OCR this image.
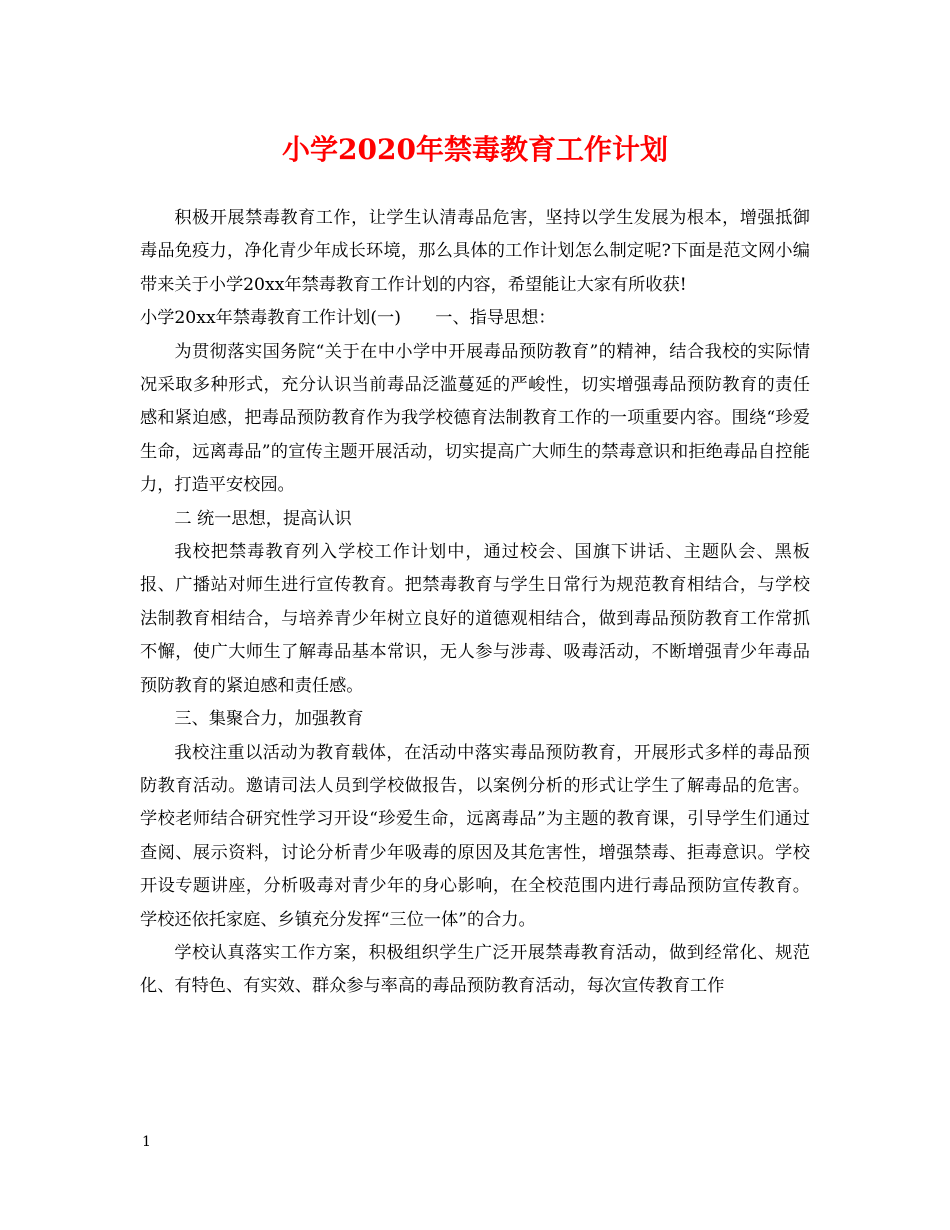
小学2020年禁毒教育工作计划

积极开展禁毒教育工作，让学生认清毒品危害，坚持以学生发展为根本，增强抵御毒品免疫力，净化青少年成长环境，那么具体的工作计划怎么制定呢?下面是范文网小编带来关于小学20xx年禁毒教育工作计划的内容，希望能让大家有所收获!

小学20xx年禁毒教育工作计划(一)　　一、指导思想：

为贯彻落实国务院“关于在中小学中开展毒品预防教育”的精神，结合我校的实际情况采取多种形式，充分认识当前毒品泛滥蔓延的严峻性，切实增强毒品预防教育的责任感和紧迫感，把毒品预防教育作为我学校德育法制教育工作的一项重要内容。围绕“珍爱生命，远离毒品”的宣传主题开展活动，切实提高广大师生的禁毒意识和拒绝毒品自控能力，打造平安校园。

二 统一思想，提高认识

我校把禁毒教育列入学校工作计划中，通过校会、国旗下讲话、主题队会、黑板报、广播站对师生进行宣传教育。把禁毒教育与学生日常行为规范教育相结合，与学校法制教育相结合，与培养青少年树立良好的道德观相结合，做到毒品预防教育工作常抓不懈，使广大师生了解毒品基本常识，无人参与涉毒、吸毒活动，不断增强青少年毒品预防教育的紧迫感和责任感。

三、集聚合力，加强教育

我校注重以活动为教育载体，在活动中落实毒品预防教育，开展形式多样的毒品预防教育活动。邀请司法人员到学校做报告，以案例分析的形式让学生了解毒品的危害。学校老师结合研究性学习开设“珍爱生命，远离毒品”为主题的教育课，引导学生们通过查阅、展示资料，讨论分析青少年吸毒的原因及其危害性，增强禁毒、拒毒意识。学校开设专题讲座，分析吸毒对青少年的身心影响，在全校范围内进行毒品预防宣传教育。学校还依托家庭、乡镇充分发挥“三位一体”的合力。

学校认真落实工作方案，积极组织学生广泛开展禁毒教育活动，做到经常化、规范化、有特色、有实效、群众参与率高的毒品预防教育活动，每次宣传教育工作

1
